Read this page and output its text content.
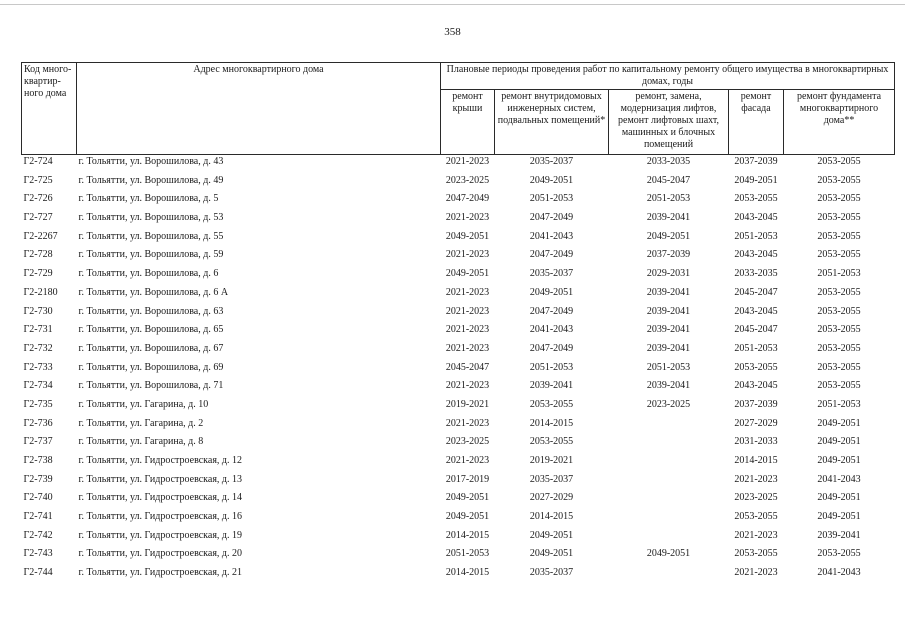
358
Код много-квартир-ного дома	Адрес многоквартирного дома	Плановые периоды проведения работ по капитальному ремонту общего имущества в многоквартирных домах, годы				
		ремонт крыши	ремонт внутридомовых инженерных систем, подвальных помещений*	ремонт, замена, модернизация лифтов, ремонт лифтовых шахт, машинных и блочных помещений	ремонт фасада	ремонт фундамента многоквартирного дома**
Г2-724	г. Тольятти, ул. Ворошилова, д. 43	2021-2023	2035-2037	2033-2035	2037-2039	2053-2055
Г2-725	г. Тольятти, ул. Ворошилова, д. 49	2023-2025	2049-2051	2045-2047	2049-2051	2053-2055
Г2-726	г. Тольятти, ул. Ворошилова, д. 5	2047-2049	2051-2053	2051-2053	2053-2055	2053-2055
Г2-727	г. Тольятти, ул. Ворошилова, д. 53	2021-2023	2047-2049	2039-2041	2043-2045	2053-2055
Г2-2267	г. Тольятти, ул. Ворошилова, д. 55	2049-2051	2041-2043	2049-2051	2051-2053	2053-2055
Г2-728	г. Тольятти, ул. Ворошилова, д. 59	2021-2023	2047-2049	2037-2039	2043-2045	2053-2055
Г2-729	г. Тольятти, ул. Ворошилова, д. 6	2049-2051	2035-2037	2029-2031	2033-2035	2051-2053
Г2-2180	г. Тольятти, ул. Ворошилова, д. 6 А	2021-2023	2049-2051	2039-2041	2045-2047	2053-2055
Г2-730	г. Тольятти, ул. Ворошилова, д. 63	2021-2023	2047-2049	2039-2041	2043-2045	2053-2055
Г2-731	г. Тольятти, ул. Ворошилова, д. 65	2021-2023	2041-2043	2039-2041	2045-2047	2053-2055
Г2-732	г. Тольятти, ул. Ворошилова, д. 67	2021-2023	2047-2049	2039-2041	2051-2053	2053-2055
Г2-733	г. Тольятти, ул. Ворошилова, д. 69	2045-2047	2051-2053	2051-2053	2053-2055	2053-2055
Г2-734	г. Тольятти, ул. Ворошилова, д. 71	2021-2023	2039-2041	2039-2041	2043-2045	2053-2055
Г2-735	г. Тольятти, ул. Гагарина, д. 10	2019-2021	2053-2055	2023-2025	2037-2039	2051-2053
Г2-736	г. Тольятти, ул. Гагарина, д. 2	2021-2023	2014-2015		2027-2029	2049-2051
Г2-737	г. Тольятти, ул. Гагарина, д. 8	2023-2025	2053-2055		2031-2033	2049-2051
Г2-738	г. Тольятти, ул. Гидростроевская, д. 12	2021-2023	2019-2021		2014-2015	2049-2051
Г2-739	г. Тольятти, ул. Гидростроевская, д. 13	2017-2019	2035-2037		2021-2023	2041-2043
Г2-740	г. Тольятти, ул. Гидростроевская, д. 14	2049-2051	2027-2029		2023-2025	2049-2051
Г2-741	г. Тольятти, ул. Гидростроевская, д. 16	2049-2051	2014-2015		2053-2055	2049-2051
Г2-742	г. Тольятти, ул. Гидростроевская, д. 19	2014-2015	2049-2051		2021-2023	2039-2041
Г2-743	г. Тольятти, ул. Гидростроевская, д. 20	2051-2053	2049-2051	2049-2051	2053-2055	2053-2055
Г2-744	г. Тольятти, ул. Гидростроевская, д. 21	2014-2015	2035-2037		2021-2023	2041-2043
